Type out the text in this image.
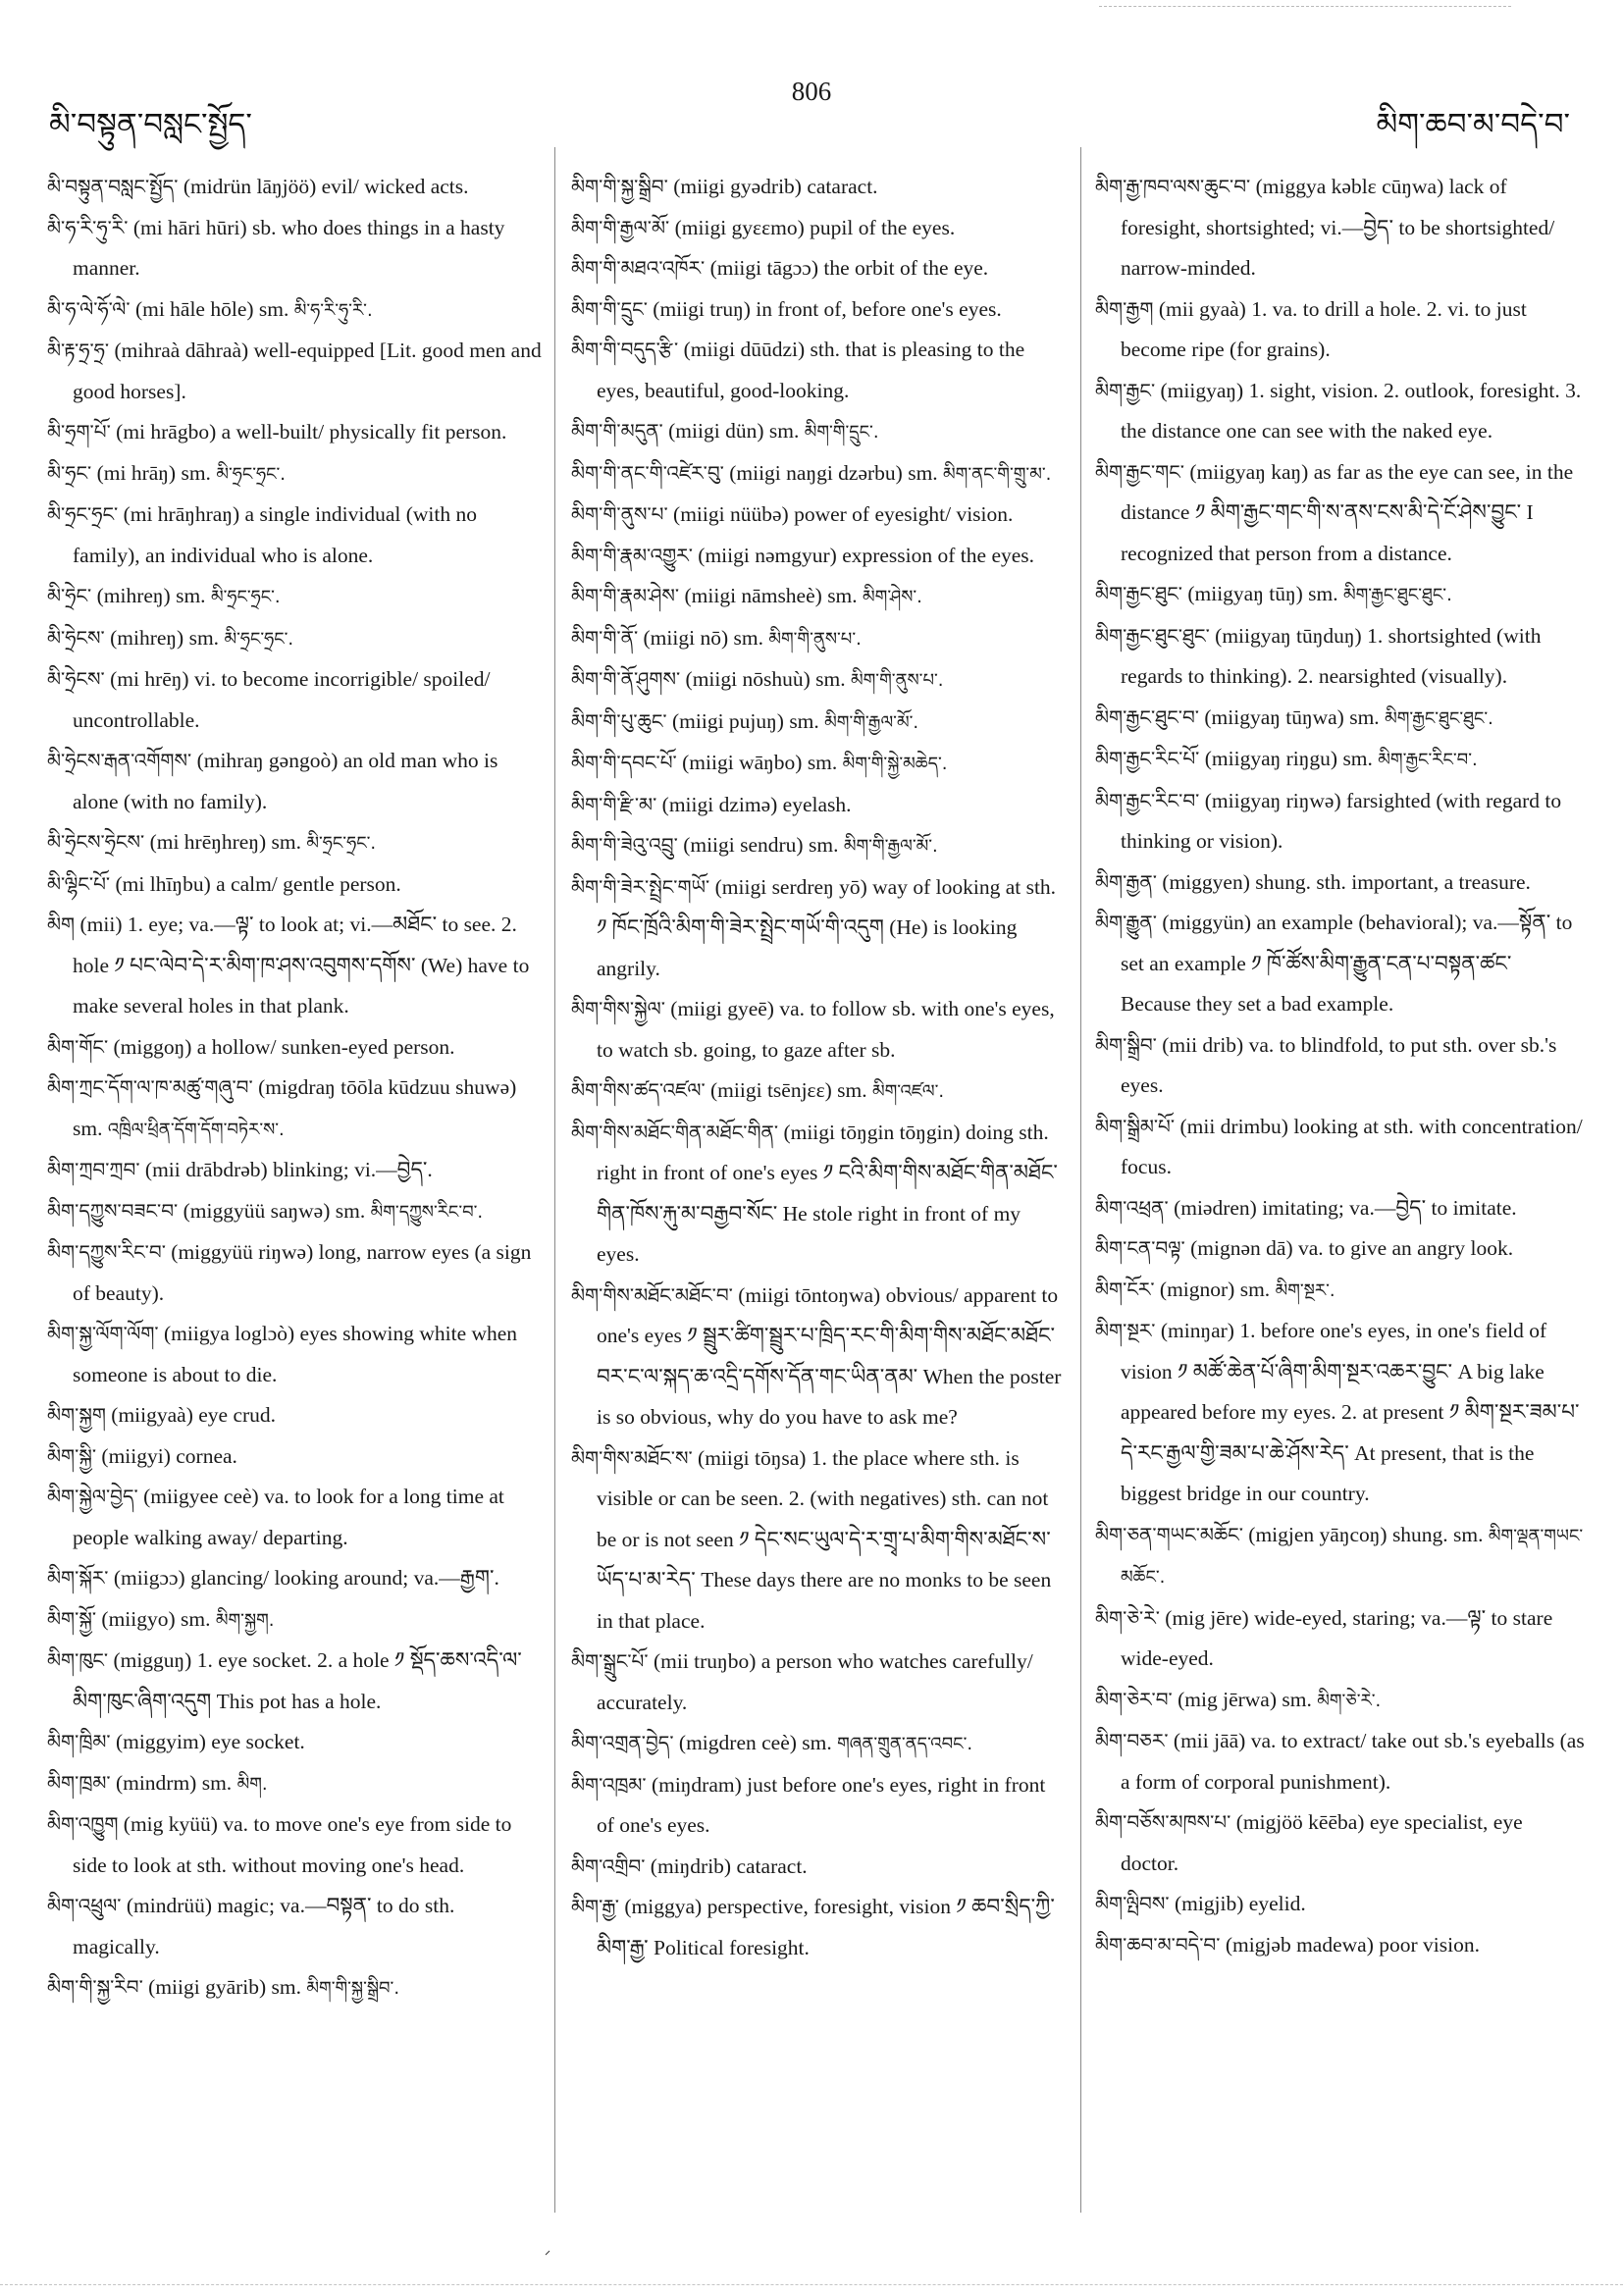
མི་བསྟུན་བསླང་སྤྱོད་
806
མིག་ཆབ་མ་བདེ་བ་

མི་བསྟུན་བསླང་སྤྱོད་ (midrün lāŋjöö) evil/ wicked acts.

མི་ཧ་རི་ཧུ་རི་ (mi hāri hūri) sb. who does things in a hasty manner.

མི་ཧ་ལེ་ཧོ་ལེ་ (mi hāle hōle) sm. མི་ཧ་རི་ཧུ་རི་.

མི་རྟ་ཧྲ་ཧྲ་ (mihraà dāhraà) well-equipped [Lit. good men and good horses].

མི་ཧྲག་པོ་ (mi hrāgbo) a well-built/ physically fit person.

མི་ཧྲང་ (mi hrāŋ) sm. མི་ཧྲང་ཧྲང་.

མི་ཧྲང་ཧྲང་ (mi hrāŋhraŋ) a single individual (with no family), an individual who is alone.

མི་ཧྲེང་ (mihreŋ) sm. མི་ཧྲང་ཧྲང་.

མི་ཧྲེངས་ (mihreŋ) sm. མི་ཧྲང་ཧྲང་.

མི་ཧྲེངས་ (mi hrēŋ) vi. to become incorrigible/ spoiled/ uncontrollable.

མི་ཧྲེངས་རྒན་འགོགས་ (mihraŋ gəngoò) an old man who is alone (with no family).

མི་ཧྲེངས་ཧྲེངས་ (mi hrēŋhreŋ) sm. མི་ཧྲང་ཧྲང་.

མི་ལྷིང་པོ་ (mi lhīŋbu) a calm/ gentle person.

མིག (mii) 1. eye; va.—ལྟ་ to look at; vi.—མཐོང་ to see. 2. hole ༡ པང་ལེབ་དེ་ར་མིག་ཁ་ཤས་འབུགས་དགོས་ (We) have to make several holes in that plank.

མིག་གོང་ (miggoŋ) a hollow/ sunken-eyed person.

མིག་ཀྲང་དོག་ལ་ཁ་མཚུ་གཞུ་བ་ (migdraŋ tōōla kūdzuu shuwə) sm. འཁྲིལ་ཕྲིན་དོག་དོག་བཏེར་ས་.

མིག་ཀྲབ་ཀྲབ་ (mii drābdrəb) blinking; vi.—བྱེད་.

མིག་དཀྱུས་བཟང་བ་ (miggyüü saŋwə) sm. མིག་དཀྱུས་རིང་བ་.

མིག་དཀྱུས་རིང་བ་ (miggyüü riŋwə) long, narrow eyes (a sign of beauty).

མིག་སྐྱ་ལོག་ལོག་ (miigya loglɔò) eyes showing white when someone is about to die.

མིག་སྐྱག (miigyaà) eye crud.

མིག་སྐྱི་ (miigyi) cornea.

མིག་སྐྱེལ་བྱེད་ (miigyee ceè) va. to look for a long time at people walking away/ departing.

མིག་སྐོར་ (miigɔɔ) glancing/ looking around; va.—རྒྱག་.

མིག་སྐྱོ་ (miigyo) sm. མིག་སྐྱག.

མིག་ཁུང་ (migguŋ) 1. eye socket. 2. a hole ༡ སྡོད་ཆས་འདི་ལ་མིག་ཁུང་ཞིག་འདུག This pot has a hole.

མིག་ཁྲིམ་ (miggyim) eye socket.

མིག་ཁྲམ་ (mindrm) sm. མིག.

མིག་འཁྱུག (mig kyüü) va. to move one's eye from side to side to look at sth. without moving one's head.

མིག་འཕྲུལ་ (mindrüü) magic; va.—བསྟན་ to do sth. magically.

མིག་གི་སྐྱ་རིབ་ (miigi gyārib) sm. མིག་གི་སྐྱ་སྒྲིབ་.

མིག་གི་སྐྱ་སྒྲིབ་ (miigi gyədrib) cataract.

མིག་གི་རྒྱལ་མོ་ (miigi gyɛɛmo) pupil of the eyes.

མིག་གི་མཐའ་འཁོར་ (miigi tāgɔɔ) the orbit of the eye.

མིག་གི་དྲུང་ (miigi truŋ) in front of, before one's eyes.

མིག་གི་བདུད་རྩི་ (miigi dūūdzi) sth. that is pleasing to the eyes, beautiful, good-looking.

མིག་གི་མདུན་ (miigi dün) sm. མིག་གི་དྲུང་.

མིག་གི་ནང་གི་འཛེར་བུ་ (miigi naŋgi dzərbu) sm. མིག་ནང་གི་གྲུ་མ་.

མིག་གི་ནུས་པ་ (miigi nüübə) power of eyesight/ vision.

མིག་གི་རྣམ་འགྱུར་ (miigi nəmgyur) expression of the eyes.

མིག་གི་རྣམ་ཤེས་ (miigi nāmsheè) sm. མིག་ཤེས་.

མིག་གི་ནོ་ (miigi nō) sm. མིག་གི་ནུས་པ་.

མིག་གི་ནོ་ཤུགས་ (miigi nōshuù) sm. མིག་གི་ནུས་པ་.

མིག་གི་པུ་ཆུང་ (miigi pujuŋ) sm. མིག་གི་རྒྱལ་མོ་.

མིག་གི་དབང་པོ་ (miigi wāŋbo) sm. མིག་གི་སྐྱེ་མཆེད་.

མིག་གི་རྫི་མ་ (miigi dzimə) eyelash.

མིག་གི་ཟེའུ་འབྲུ་ (miigi sendru) sm. མིག་གི་རྒྱལ་མོ་.

མིག་གི་ཟེར་སྤྲེང་གཡོ་ (miigi serdreŋ yō) way of looking at sth. ༡ ཁོང་ཁྲོའི་མིག་གི་ཟེར་སྤྲེང་གཡོ་གི་འདུག (He) is looking angrily.

མིག་གིས་སྐྱེལ་ (miigi gyeē) va. to follow sb. with one's eyes, to watch sb. going, to gaze after sb.

མིག་གིས་ཚད་འཛལ་ (miigi tsēnjɛɛ) sm. མིག་འཛལ་.

མིག་གིས་མཐོང་གིན་མཐོང་གིན་ (miigi tōŋgin tōŋgin) doing sth. right in front of one's eyes ༡ ངའི་མིག་གིས་མཐོང་གིན་མཐོང་གིན་ཁོས་རྐུ་མ་བརྒྱབ་སོང་ He stole right in front of my eyes.

མིག་གིས་མཐོང་མཐོང་བ་ (miigi tōntoŋwa) obvious/ apparent to one's eyes ༡ སྦྲུར་ཚིག་སྦྲུར་པ་ཁྲིད་རང་གི་མིག་གིས་མཐོང་མཐོང་བར་ང་ལ་སྐད་ཆ་འདྲི་དགོས་དོན་གང་ཡིན་ནམ་ When the poster is so obvious, why do you have to ask me?

མིག་གིས་མཐོང་ས་ (miigi tōŋsa) 1. the place where sth. is visible or can be seen. 2. (with negatives) sth. can not be or is not seen ༡ དེང་སང་ཡུལ་དེ་ར་གྲྭ་པ་མིག་གིས་མཐོང་ས་ཡོད་པ་མ་རེད་ These days there are no monks to be seen in that place.

མིག་སྒྲུང་པོ་ (mii truŋbo) a person who watches carefully/ accurately.

མིག་འགྲན་བྱེད་ (migdren ceè) sm. གཞན་གྲུན་ནད་འབང་.

མིག་འཁྲམ་ (miŋdram) just before one's eyes, right in front of one's eyes.

མིག་འགྲིབ་ (miŋdrib) cataract.

མིག་རྒྱ་ (miggya) perspective, foresight, vision ༡ ཆབ་སྲིད་ཀྱི་མིག་རྒྱ་ Political foresight.

མིག་རྒྱ་ཁབ་ལས་ཆུང་བ་ (miggya kəblɛ cūŋwa) lack of foresight, shortsighted; vi.—བྱེད་ to be shortsighted/ narrow-minded.

མིག་རྒྱག (mii gyaà) 1. va. to drill a hole. 2. vi. to just become ripe (for grains).

མིག་རྒྱང་ (miigyaŋ) 1. sight, vision. 2. outlook, foresight. 3. the distance one can see with the naked eye.

མིག་རྒྱང་གང་ (miigyaŋ kaŋ) as far as the eye can see, in the distance ༡ མིག་རྒྱང་གང་གི་ས་ནས་ངས་མི་དེ་ངོ་ཤེས་བྱུང་ I recognized that person from a distance.

མིག་རྒྱང་ཐུང་ (miigyaŋ tūŋ) sm. མིག་རྒྱང་ཐུང་ཐུང་.

མིག་རྒྱང་ཐུང་ཐུང་ (miigyaŋ tūŋduŋ) 1. shortsighted (with regards to thinking). 2. nearsighted (visually).

མིག་རྒྱང་ཐུང་བ་ (miigyaŋ tūŋwa) sm. མིག་རྒྱང་ཐུང་ཐུང་.

མིག་རྒྱང་རིང་པོ་ (miigyaŋ riŋgu) sm. མིག་རྒྱང་རིང་བ་.

མིག་རྒྱང་རིང་བ་ (miigyaŋ riŋwə) farsighted (with regard to thinking or vision).

མིག་རྒྱན་ (miggyen) shung. sth. important, a treasure.

མིག་རྒྱུན་ (miggyün) an example (behavioral); va.—སྟོན་ to set an example ༡ ཁོ་ཚོས་མིག་རྒྱུན་ངན་པ་བསྟན་ཚང་ Because they set a bad example.

མིག་སྒྲིབ་ (mii drib) va. to blindfold, to put sth. over sb.'s eyes.

མིག་སྒྲིམ་པོ་ (mii drimbu) looking at sth. with concentration/ focus.

མིག་འཕྲན་ (miədren) imitating; va.—བྱེད་ to imitate.

མིག་ངན་བལྟ་ (mignən dā) va. to give an angry look.

མིག་ངོར་ (mignor) sm. མིག་སྔར་.

མིག་སྔར་ (minŋar) 1. before one's eyes, in one's field of vision ༡ མཚོ་ཆེན་པོ་ཞིག་མིག་སྔར་འཆར་བྱུང་ A big lake appeared before my eyes. 2. at present ༡ མིག་སྔར་ཟམ་པ་དེ་རང་རྒྱལ་གྱི་ཟམ་པ་ཆེ་ཤོས་རེད་ At present, that is the biggest bridge in our country.

མིག་ཅན་གཡང་མཆོང་ (migjen yāŋcoŋ) shung. sm. མིག་ལྡན་གཡང་མཆོང་.

མིག་ཅེ་རེ་ (mig jēre) wide-eyed, staring; va.—ལྟ་ to stare wide-eyed.

མིག་ཅེར་བ་ (mig jērwa) sm. མིག་ཅེ་རེ་.

མིག་བཅར་ (mii jāā) va. to extract/ take out sb.'s eyeballs (as a form of corporal punishment).

མིག་བཅོས་མཁས་པ་ (migjöö kēēba) eye specialist, eye doctor.

མིག་ལྤིབས་ (migjib) eyelid.

མིག་ཆབ་མ་བདེ་བ་ (migjəb madewa) poor vision.
